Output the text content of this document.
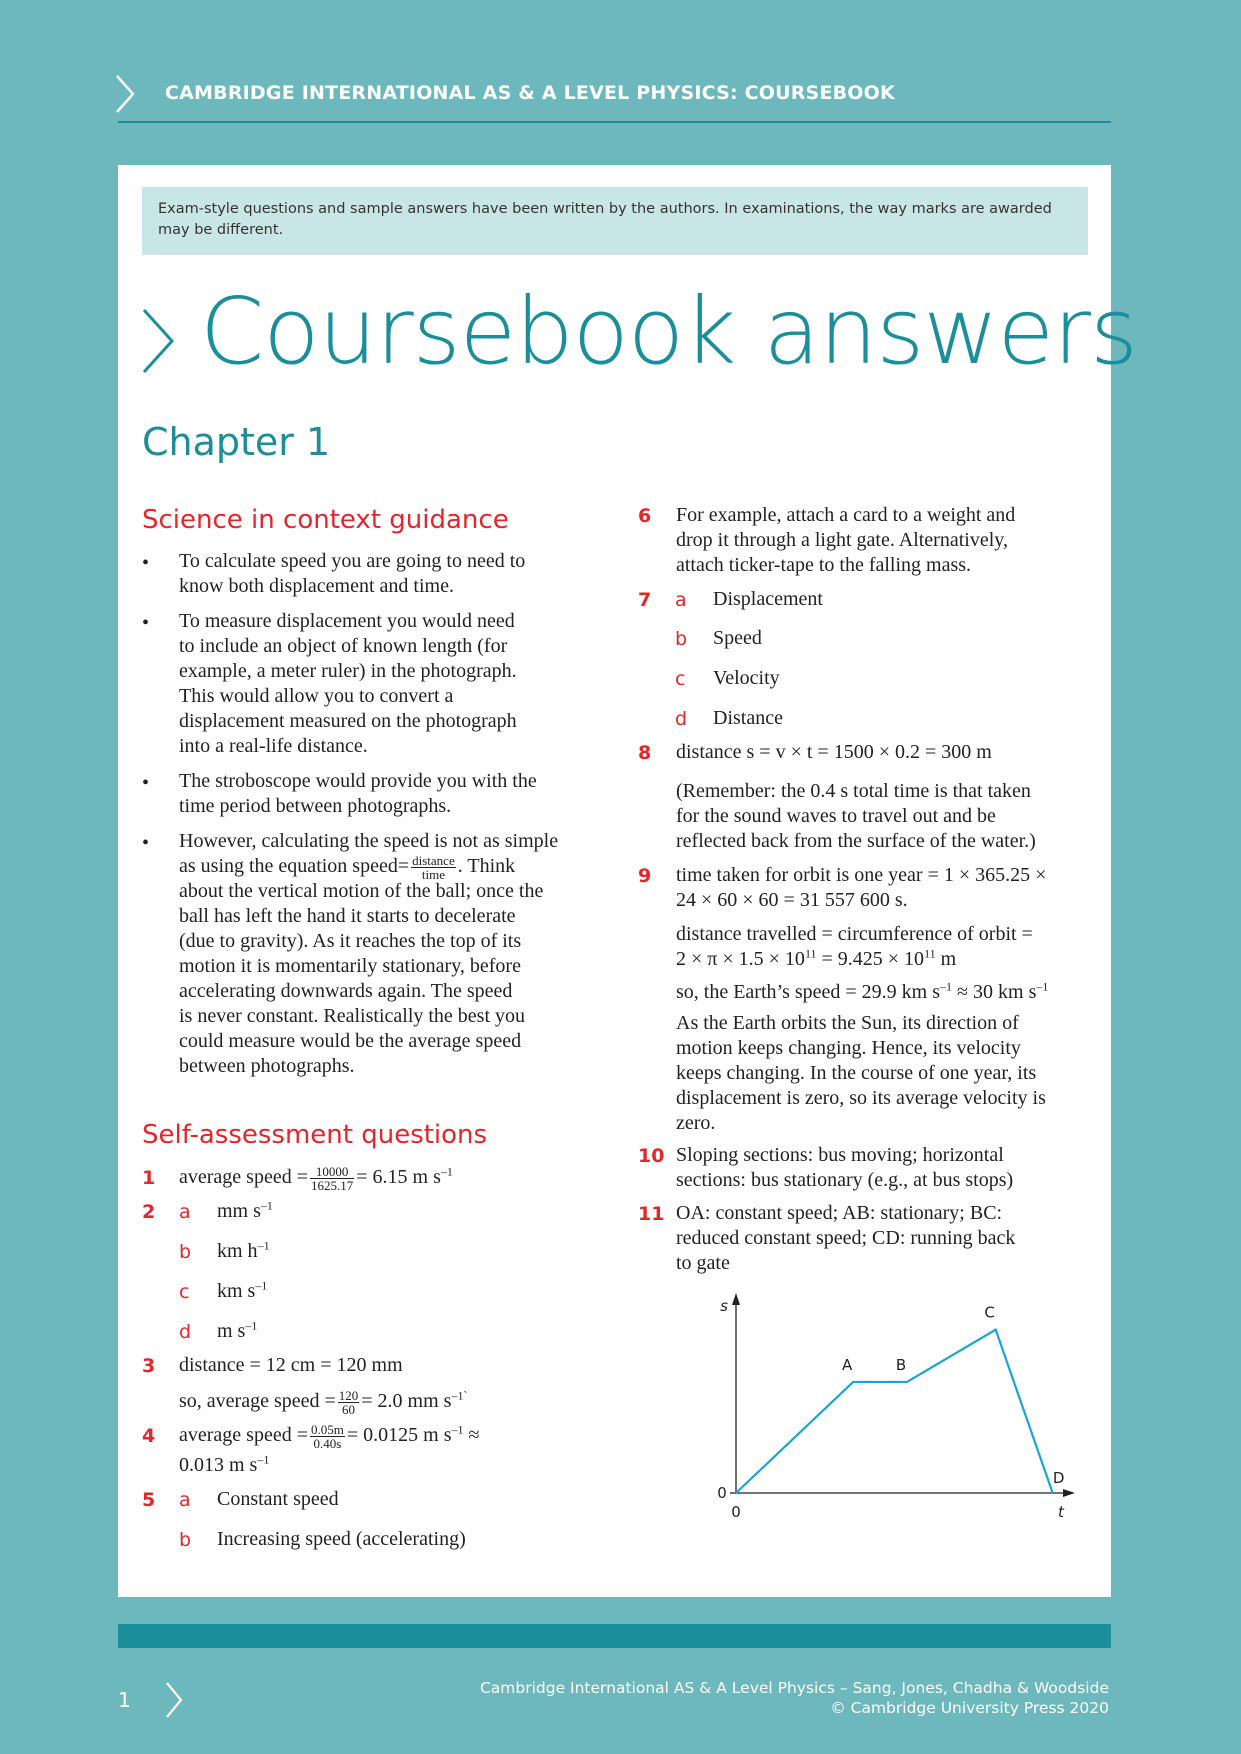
CAMBRIDGE INTERNATIONAL AS & A LEVEL PHYSICS: COURSEBOOK
Exam-style questions and sample answers have been written by the authors. In examinations, the way marks are awarded may be different.
Coursebook answers
Chapter 1
Science in context guidance
• To calculate speed you are going to need to
know both displacement and time.
• To measure displacement you would need
to include an object of known length (for
example, a meter ruler) in the photograph.
This would allow you to convert a
displacement measured on the photograph
into a real-life distance.
• The stroboscope would provide you with the
time period between photographs.
• However, calculating the speed is not as simple
as using the equation speed= $\frac{\text{distance}}{\text{time}}$ . Think
about the vertical motion of the ball; once the
ball has left the hand it starts to decelerate
(due to gravity). As it reaches the top of its
motion it is momentarily stationary, before
accelerating downwards again. The speed
is never constant. Realistically the best you
could measure would be the average speed
between photographs.
Self-assessment questions
1 average speed = $\frac{10000}{1625.17} = 6.15$ m $s^{-1}$
2 a mm $s^{-1}$
b km $h^{-1}$
c km $s^{-1}$
d m $s^{-1}$
3 distance = 12 cm = 120 mm
so, average speed = $\frac{120}{60} = 2.0$ mm $s^{-1`}$
4 average speed = $\frac{0.05m}{0.40s} = 0.0125$ m $s^{-1}$ ≈
0.013 m $s^{-1}$
5 a Constant speed
b Increasing speed (accelerating)
6 For example, attach a card to a weight and
drop it through a light gate. Alternatively,
attach ticker-tape to the falling mass.
7 a Displacement
b Speed
c Velocity
d Distance
8 distance s = v × t = 1500 × 0.2 = 300 m
(Remember: the 0.4 s total time is that taken
for the sound waves to travel out and be
reflected back from the surface of the water.)
9 time taken for orbit is one year = 1 × 365.25 ×
24 × 60 × 60 = 31 557 600 s.
distance travelled = circumference of orbit =
$2 \times \pi \times 1.5 \times 10^{11} = 9.425 \times 10^{11}$ m
so, the Earth’s speed = 29.9 km $s^{-1} \approx 30$ km $s^{-1}$
As the Earth orbits the Sun, its direction of
motion keeps changing. Hence, its velocity
keeps changing. In the course of one year, its
displacement is zero, so its average velocity is
zero.
10 Sloping sections: bus moving; horizontal
sections: bus stationary (e.g., at bus stops)
11 OA: constant speed; AB: stationary; BC:
reduced constant speed; CD: running back
to gate
A	B
C
D
s
t
0
0
1	Cambridge International AS & A Level Physics – Sang, Jones, Chadha & Woodside
© Cambridge University Press 2020
